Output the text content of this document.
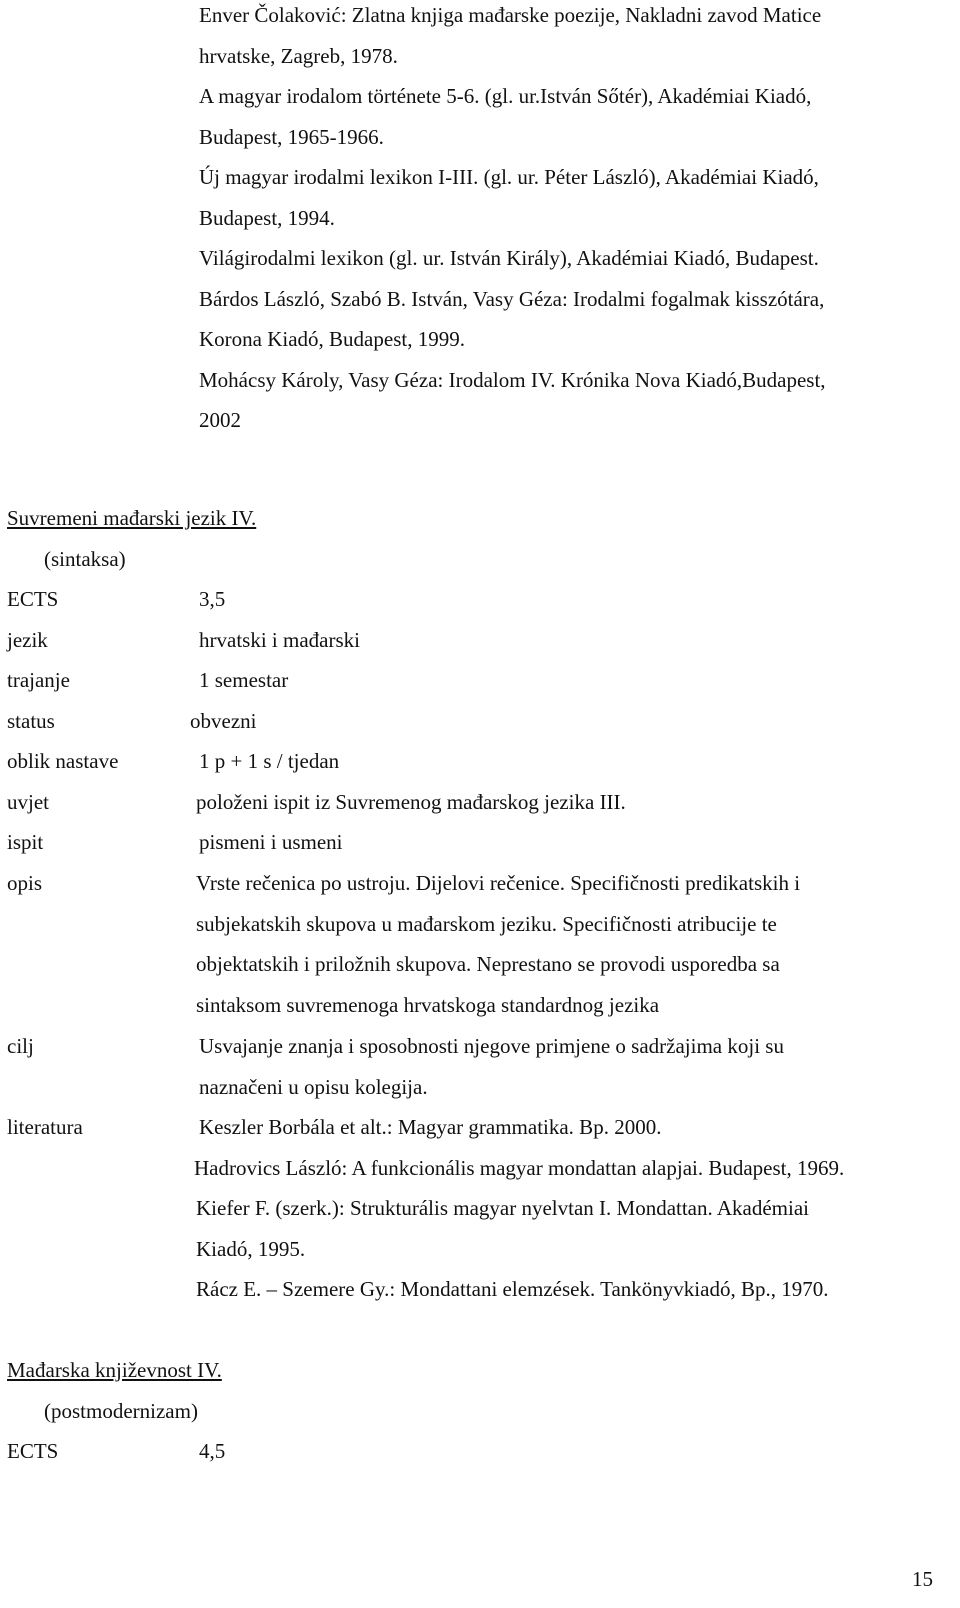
Enver Čolaković: Zlatna knjiga mađarske poezije, Nakladni zavod Matice

hrvatske, Zagreb, 1978.

A magyar irodalom története 5-6. (gl. ur.István Sőtér), Akadémiai Kiadó,

Budapest, 1965-1966.

Új magyar irodalmi lexikon I-III. (gl. ur. Péter László), Akadémiai Kiadó,

Budapest, 1994.

Világirodalmi lexikon (gl. ur. István Király), Akadémiai Kiadó, Budapest.

Bárdos László, Szabó B. István, Vasy Géza: Irodalmi fogalmak kisszótára,

Korona Kiadó, Budapest, 1999.

Mohácsy Károly, Vasy Géza: Irodalom IV. Krónika Nova Kiadó,Budapest,

2002

Suvremeni mađarski jezik IV.

(sintaksa)

ECTS	3,5

jezik	hrvatski i mađarski

trajanje	1 semestar

status	obvezni

oblik nastave	1 p + 1 s / tjedan

uvjet	položeni ispit iz Suvremenog mađarskog jezika III.

ispit	pismeni i usmeni

opis	Vrste rečenica po ustroju. Dijelovi rečenice. Specifičnosti predikatskih i

subjekatskih skupova u mađarskom jeziku. Specifičnosti atribucije te

objektatskih i priložnih skupova. Neprestano se provodi usporedba sa

sintaksom suvremenoga hrvatskoga standardnog jezika

cilj	Usvajanje znanja i sposobnosti njegove primjene o sadržajima koji su

naznačeni u opisu kolegija.

literatura	Keszler Borbála et alt.: Magyar grammatika. Bp. 2000.

Hadrovics László: A funkcionális magyar mondattan alapjai. Budapest, 1969.

Kiefer F. (szerk.): Strukturális magyar nyelvtan I. Mondattan. Akadémiai

Kiadó, 1995.

Rácz E. – Szemere Gy.: Mondattani elemzések. Tankönyvkiadó, Bp., 1970.

Mađarska književnost IV.

(postmodernizam)

ECTS	4,5

15
